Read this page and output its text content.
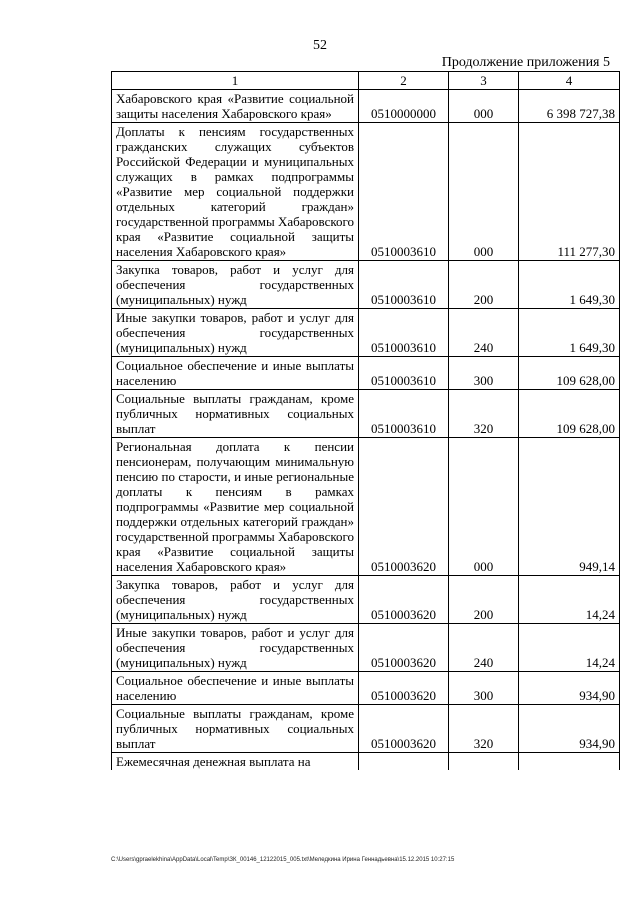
52
Продолжение приложения 5
1	2	3	4
Хабаровского края «Развитие социальной защиты населения Хабаровского края»	0510000000	000	6 398 727,38
Доплаты к пенсиям государственных гражданских служащих субъектов Российской Федерации и муниципальных служащих в рамках подпрограммы «Развитие мер социальной поддержки отдельных категорий граждан» государственной программы Хабаровского края «Развитие социальной защиты населения Хабаровского края»	0510003610	000	111 277,30
Закупка товаров, работ и услуг для обеспечения государственных (муниципальных) нужд	0510003610	200	1 649,30
Иные закупки товаров, работ и услуг для обеспечения государственных (муниципальных) нужд	0510003610	240	1 649,30
Социальное обеспечение и иные выплаты населению	0510003610	300	109 628,00
Социальные выплаты гражданам, кроме публичных нормативных социальных выплат	0510003610	320	109 628,00
Региональная доплата к пенсии пенсионерам, получающим минимальную пенсию по старости, и иные региональные доплаты к пенсиям в рамках подпрограммы «Развитие мер социальной поддержки отдельных категорий граждан» государственной программы Хабаровского края «Развитие социальной защиты населения Хабаровского края»	0510003620	000	949,14
Закупка товаров, работ и услуг для обеспечения государственных (муниципальных) нужд	0510003620	200	14,24
Иные закупки товаров, работ и услуг для обеспечения государственных (муниципальных) нужд	0510003620	240	14,24
Социальное обеспечение и иные выплаты населению	0510003620	300	934,90
Социальные выплаты гражданам, кроме публичных нормативных социальных выплат	0510003620	320	934,90
Ежемесячная денежная выплата на			
C:\Users\gpraelekhina\AppData\Local\Temp\ЗК_00146_12122015_005.txt\Меледкина Ирина Геннадьевна\15.12.2015 10:27:15
